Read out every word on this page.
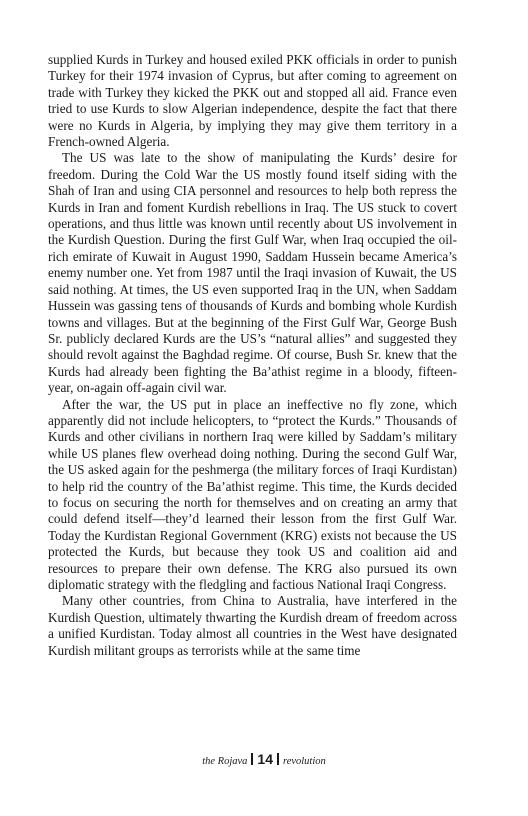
supplied Kurds in Turkey and housed exiled PKK officials in order to punish Turkey for their 1974 invasion of Cyprus, but after coming to agreement on trade with Turkey they kicked the PKK out and stopped all aid. France even tried to use Kurds to slow Algerian independence, despite the fact that there were no Kurds in Algeria, by implying they may give them territory in a French-owned Algeria.

The US was late to the show of manipulating the Kurds’ desire for freedom. During the Cold War the US mostly found itself siding with the Shah of Iran and using CIA personnel and resources to help both repress the Kurds in Iran and foment Kurdish rebellions in Iraq. The US stuck to covert operations, and thus little was known until recently about US involvement in the Kurdish Question. During the first Gulf War, when Iraq occupied the oil-rich emirate of Kuwait in August 1990, Saddam Hussein became America’s enemy number one. Yet from 1987 until the Iraqi invasion of Kuwait, the US said nothing. At times, the US even supported Iraq in the UN, when Saddam Hussein was gassing tens of thousands of Kurds and bombing whole Kurdish towns and villages. But at the beginning of the First Gulf War, George Bush Sr. publicly declared Kurds are the US’s “natural allies” and suggested they should revolt against the Baghdad regime. Of course, Bush Sr. knew that the Kurds had already been fighting the Ba’athist regime in a bloody, fifteen-year, on-again off-again civil war.

After the war, the US put in place an ineffective no fly zone, which apparently did not include helicopters, to “protect the Kurds.” Thousands of Kurds and other civilians in northern Iraq were killed by Saddam’s military while US planes flew overhead doing nothing. During the second Gulf War, the US asked again for the peshmerga (the military forces of Iraqi Kurdistan) to help rid the country of the Ba’athist regime. This time, the Kurds decided to focus on securing the north for themselves and on creating an army that could defend itself—they’d learned their lesson from the first Gulf War. Today the Kurdistan Regional Government (KRG) exists not because the US protected the Kurds, but because they took US and coalition aid and resources to prepare their own defense. The KRG also pursued its own diplomatic strategy with the fledgling and factious National Iraqi Congress.

Many other countries, from China to Australia, have interfered in the Kurdish Question, ultimately thwarting the Kurdish dream of freedom across a unified Kurdistan. Today almost all countries in the West have designated Kurdish militant groups as terrorists while at the same time

the Rojava 14 revolution
